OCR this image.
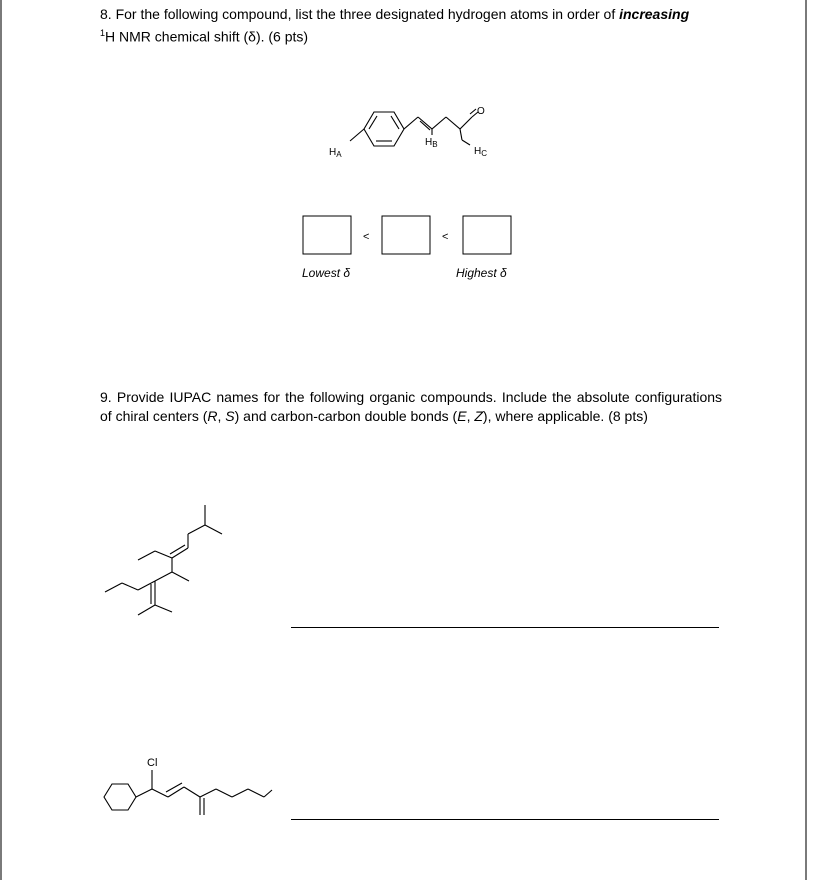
8. For the following compound, list the three designated hydrogen atoms in order of increasing
$^1$H NMR chemical shift (δ). (6 pts)
$H_A$
$H_B$
$H_C$
O
<	<
Lowest δ	Highest δ
9. Provide IUPAC names for the following organic compounds. Include the absolute configurations of chiral centers (R, S) and carbon-carbon double bonds (E, Z), where applicable. (8 pts)
Cl
